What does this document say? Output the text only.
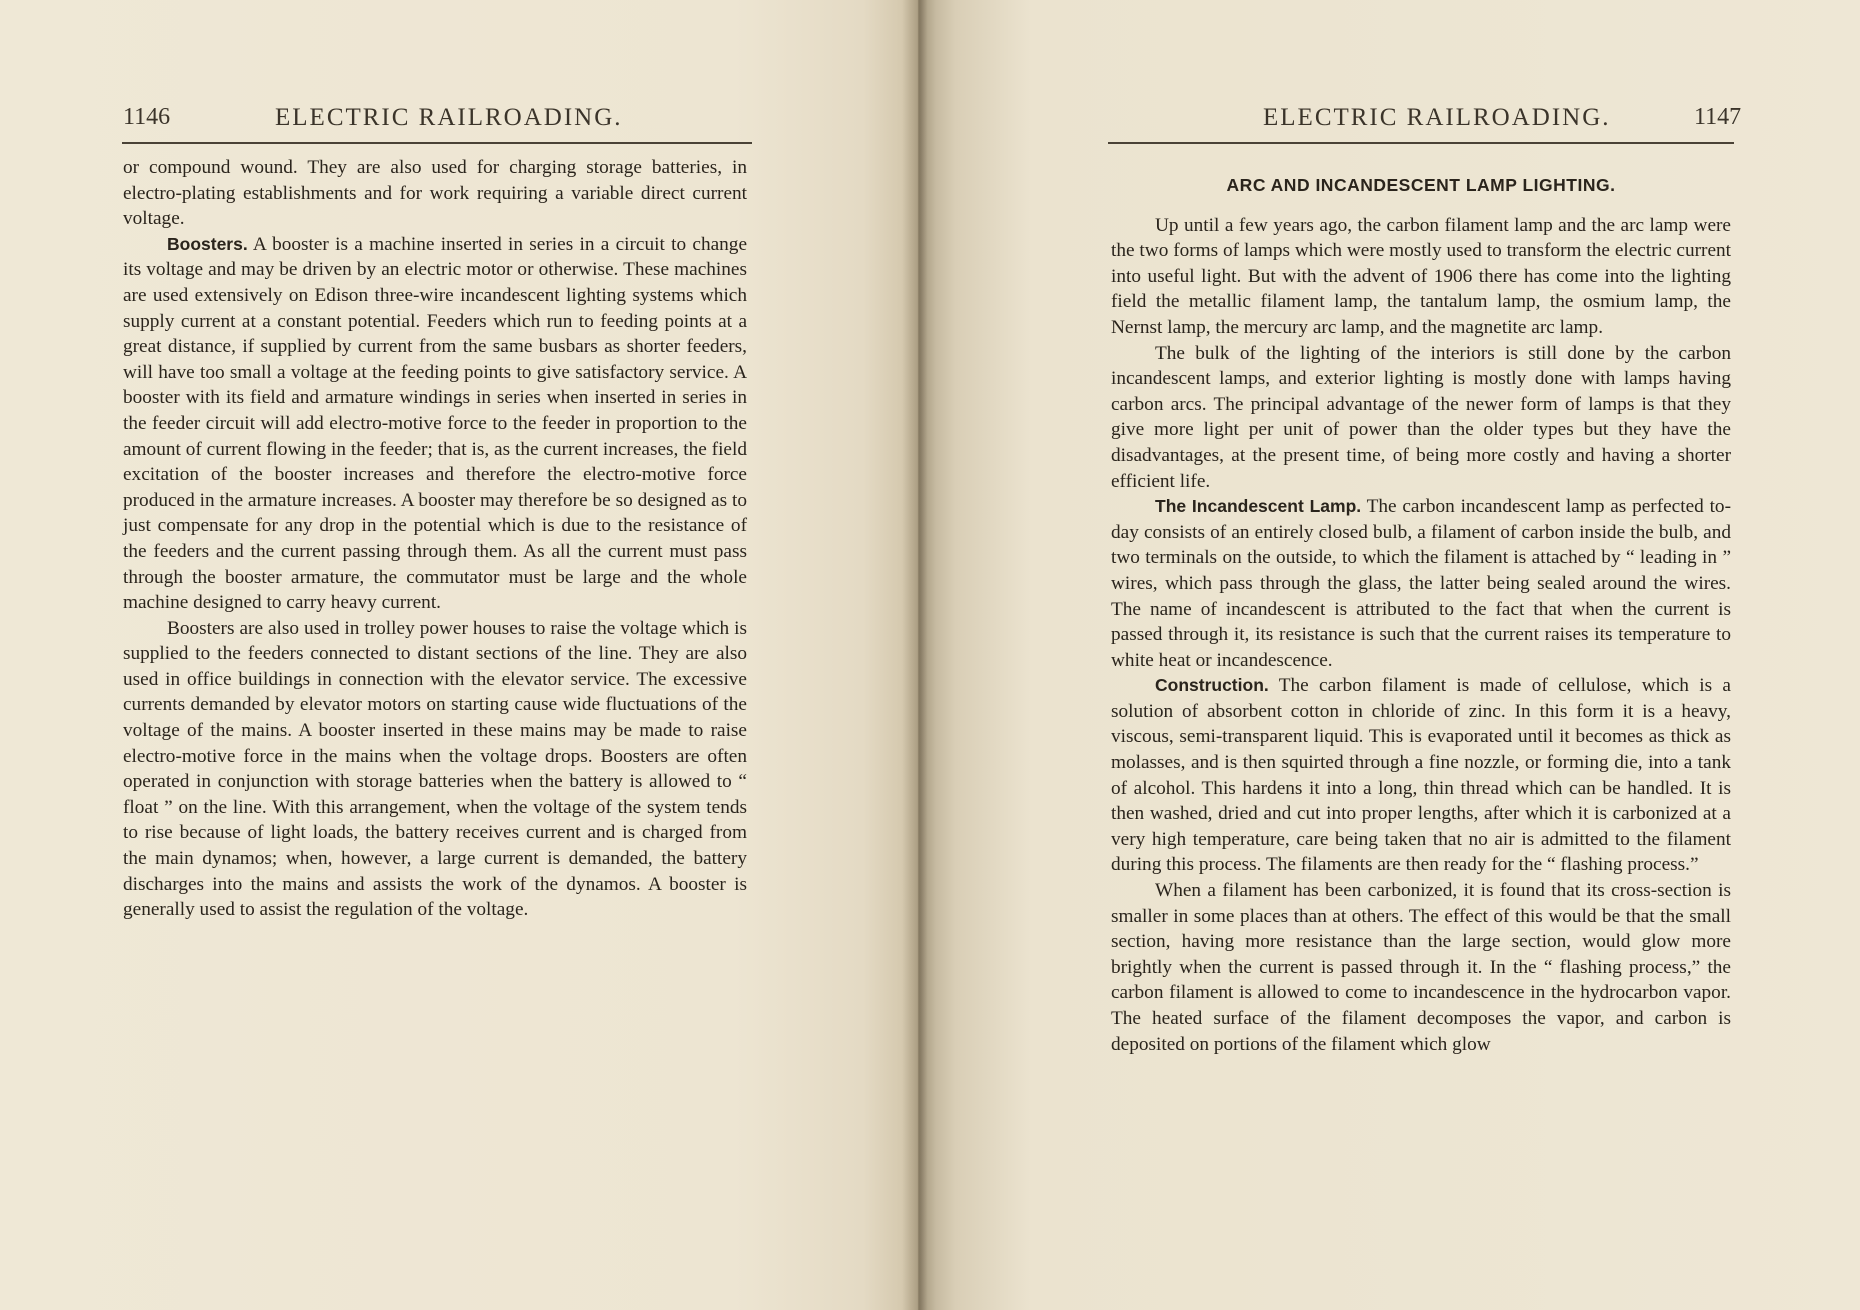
1146	ELECTRIC RAILROADING.

or compound wound. They are also used for charging storage batteries, in electro-plating establishments and for work requiring a variable direct current voltage.

Boosters. A booster is a machine inserted in series in a circuit to change its voltage and may be driven by an electric motor or otherwise. These machines are used extensively on Edison three-wire incandescent lighting systems which supply current at a constant potential. Feeders which run to feeding points at a great distance, if supplied by current from the same busbars as shorter feeders, will have too small a voltage at the feeding points to give satisfactory service. A booster with its field and armature windings in series when inserted in series in the feeder circuit will add electro-motive force to the feeder in proportion to the amount of current flowing in the feeder; that is, as the current increases, the field excitation of the booster increases and therefore the electro-motive force produced in the armature increases. A booster may therefore be so designed as to just compensate for any drop in the potential which is due to the resistance of the feeders and the current passing through them. As all the current must pass through the booster armature, the commutator must be large and the whole machine designed to carry heavy current.

Boosters are also used in trolley power houses to raise the voltage which is supplied to the feeders connected to distant sections of the line. They are also used in office buildings in connection with the elevator service. The excessive currents demanded by elevator motors on starting cause wide fluctuations of the voltage of the mains. A booster inserted in these mains may be made to raise electro-motive force in the mains when the voltage drops. Boosters are often operated in conjunction with storage batteries when the battery is allowed to “ float ” on the line. With this arrangement, when the voltage of the system tends to rise because of light loads, the battery receives current and is charged from the main dynamos; when, however, a large current is demanded, the battery discharges into the mains and assists the work of the dynamos. A booster is generally used to assist the regulation of the voltage.

ELECTRIC RAILROADING.	1147
ARC AND INCANDESCENT LAMP LIGHTING.

Up until a few years ago, the carbon filament lamp and the arc lamp were the two forms of lamps which were mostly used to transform the electric current into useful light. But with the advent of 1906 there has come into the lighting field the metallic filament lamp, the tantalum lamp, the osmium lamp, the Nernst lamp, the mercury arc lamp, and the magnetite arc lamp.

The bulk of the lighting of the interiors is still done by the carbon incandescent lamps, and exterior lighting is mostly done with lamps having carbon arcs. The principal advantage of the newer form of lamps is that they give more light per unit of power than the older types but they have the disadvantages, at the present time, of being more costly and having a shorter efficient life.

The Incandescent Lamp. The carbon incandescent lamp as perfected to-day consists of an entirely closed bulb, a filament of carbon inside the bulb, and two terminals on the outside, to which the filament is attached by “ leading in ” wires, which pass through the glass, the latter being sealed around the wires. The name of incandescent is attributed to the fact that when the current is passed through it, its resistance is such that the current raises its temperature to white heat or incandescence.

Construction. The carbon filament is made of cellulose, which is a solution of absorbent cotton in chloride of zinc. In this form it is a heavy, viscous, semi-transparent liquid. This is evaporated until it becomes as thick as molasses, and is then squirted through a fine nozzle, or forming die, into a tank of alcohol. This hardens it into a long, thin thread which can be handled. It is then washed, dried and cut into proper lengths, after which it is carbonized at a very high temperature, care being taken that no air is admitted to the filament during this process. The filaments are then ready for the “ flashing process.”

When a filament has been carbonized, it is found that its cross-section is smaller in some places than at others. The effect of this would be that the small section, having more resistance than the large section, would glow more brightly when the current is passed through it. In the “ flashing process,” the carbon filament is allowed to come to incandescence in the hydrocarbon vapor. The heated surface of the filament decomposes the vapor, and carbon is deposited on portions of the filament which glow
